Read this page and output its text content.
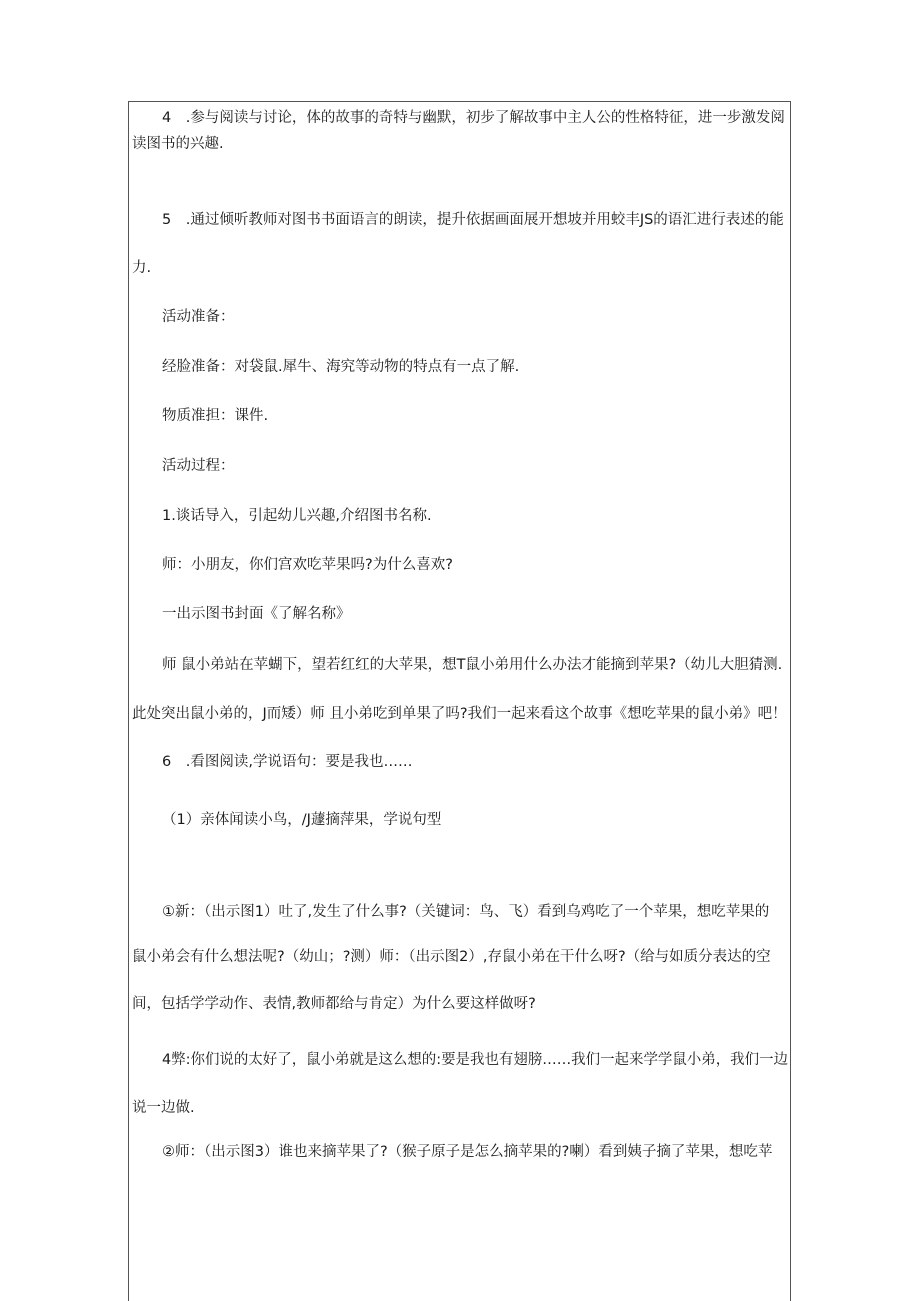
4　.参与阅读与讨论，体的故事的奇特与幽默，初步了解故事中主人公的性格特征，进一步激发阅
读图书的兴趣.
5　.通过倾听教师对图书书面语言的朗读，提升依据画面展开想坡并用蛟丰JS的语汇进行表述的能
力.
活动准备：
经脸准备：对袋鼠.犀牛、海究等动物的特点有一点了解.
物质准担：课件.
活动过程：
1.谈话导入，引起幼儿兴趣,介绍图书名称.
师：小朋友，你们宫欢吃苹果吗?为什么喜欢?
一出示图书封面《了解名称》
师 鼠小弟站在苹蝴下，望若红红的大苹果，想T鼠小弟用什么办法才能摘到苹果?（幼儿大胆猜测.
此处突出鼠小弟的，J而矮）师 且小弟吃到单果了吗?我们一起来看这个故事《想吃苹果的鼠小弟》吧！
6　.看图阅读,学说语句：要是我也……
（1）亲体闻读小鸟，/J蘧摘萍果，学说句型
①新：（出示图1）吐了,发生了什么事?（关键词：鸟、飞）看到乌鸡吃了一个苹果，想吃苹果的
鼠小弟会有什么想法呢?（幼山；?测）师：（出示图2）,存鼠小弟在干什么呀?（给与如质分表达的空
间，包括学学动作、表情,教师都给与肯定）为什么要这样做呀?
4弊:你们说的太好了，鼠小弟就是这么想的:要是我也有翅膀……我们一起来学学鼠小弟，我们一边
说一边做.
②师：（出示图3）谁也来摘苹果了?（猴子原子是怎么摘苹果的?喇）看到姨子摘了苹果，想吃苹
